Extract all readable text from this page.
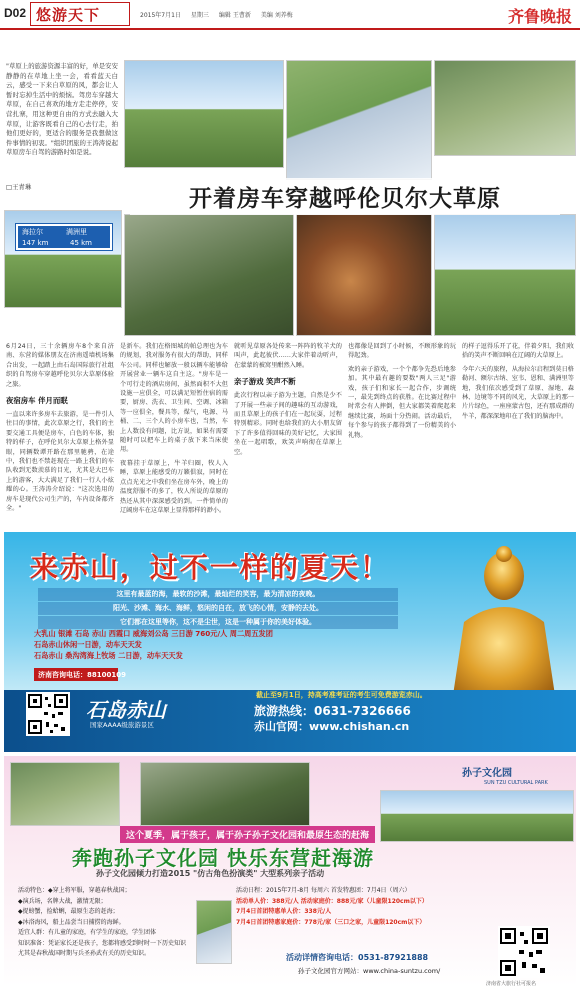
D02 悠游天下	2015年7月1日 星期三 编辑 王曹新 美编 刘养梅	齐鲁晚报
"草原上的旅游资源丰富的好，单是安安静静的在草地上坐一会，看看蓝天白云，感受一下来自草原的风，都会让人暂时忘掉生活中的烦恼。驾房车穿越大草原，在自己喜欢的地方走走停停，安营扎寨，用这种更自由的方式去融入大草原，让游客既看自己的心去行走，拍他们更好的，更适合的服务是我想做这件事情的初衷。"组织团旅的王涛涛说起草原房车自驾的游路时如是说。
□王青琳
海拉尔
147 km
满洲里
45 km
开着房车穿越呼伦贝尔大草原

6月24日，三十余辆房车8个来自济南、东营的媒体朋友在济南遥墙机场集合出发，一起踏上由石岛国际旅行社组织的自驾房车穿越呼伦贝尔大草原体验之旅。

夜宿房车 伴月而眠

一直以来许多房车去旅游，是一件引人往目的事情，此次草原之行，我们的主要交通工具便是房车，白色的车体，独特的样子，在呼伦贝尔大草原上格外显眼，同辆数谭开路在那里驰骋，在途中，我们也不禁赶现在一路上我们的车队收到无数羡慕的目光，尤其是大巴车上的游客，大大满足了我们一行人小炫耀的心。王涛涛介绍说："这次选用的房车是现代公司生产的，车内设备都齐全。"

是新车。我们在格图城的帕总理也为车的规划，我对服务有很大的帮助，同样车公司。同样也解放一般以辆车能够给开展营业一辆车这自主这。"房车是一个可行走的酒店房间，虽然面积不大但设施一应俱全，可以满足短暂住宿的需要，厨房、洗衣、卫生间、空调、冰箱等一应俱全，餐具等，煤气，电源、马桶、二、三个人的小房车也，当然，车上人数没有问题，比方说，如果有需要随时可以把车上的桌子放下来当床使用。

夜幕挂于草原上，牛羊归圈，牧人入睡，草原上能感受的万籁俱寂，同时在点点光光之中我们坐在房车外，晚上的温度舒服不的多了，牧人所说的草原的热还从其中深深感受的到。一件简单的辽阔房车在这草原上显得那样的渺小。

就听见草原各处传来一阵阵的牧羊犬的叫声，此起彼伏……大家伴着动听声，在蒙蒙的被窝里酣然入睡。

亲子游戏 笑声不断

此次行程以亲子游为主题，自然是少不了开展一些亲子间的趣味的互动游戏，而且草原上的孩子们在一起玩耍，过程特别精彩。同时也给我们的大小朋友留下了许多值得回味的美好记忆，大家围坐在一起唱歌，欢笑声响彻在草原上空。

也都像是回到了小时候，不顾形象的玩得起劲。

欢的亲子游戏，一个个都争先恐后地参加。其中最有趣的要数"两人三足"游戏，孩子们和家长一起合作，步调统一，最先到终点的获胜。在比赛过程中时常会有人摔倒，但大家都笑着爬起来继续比赛，场面十分热闹。活动最后，每个参与的孩子都得到了一份精美的小礼物。

的样子逗得乐开了花，伴着夕阳，我们收拾的笑声不断回响在辽阔的大草原上。

今年六天的旅程，从海拉尔启程到莫日格勒河、额尔古纳、室韦、恩和、满洲里等地，我们依次感受到了草原、湿地、森林、边境等不同的风光，大草原上的那一片片绿色，一座座蒙古包，还有那成群的牛羊，都深深地印在了我们的脑海中。

来赤山，过不一样的夏天！
这里有最蓝的海，最软的沙滩，最灿烂的笑容，最为清凉的夜晚。
阳光、沙滩、海水、海鲜，悠闲的自在，放飞的心情，安静的去处。
它们都在这里等你，这不是尘世，这是一种属于你的美好体验。
大乳山 银滩 石岛 赤山 西霞口 威海刘公岛 三日游 760元/人 周二周五发团
石岛赤山休闲一日游，动车天天发
石岛赤山 桑沟湾海上牧场 二日游，动车天天发
济南咨询电话：88100109
石岛赤山
国家AAAA级旅游景区
截止至9月1日，持高考准考证的考生可免费游览赤山。
旅游热线：0631-7326666
赤山官网：www.chishan.cn
孙子文化园
SUN TZU CULTURAL PARK
这个夏季，属于孩子，属于孙子孙子文化园和最原生态的赶海
奔跑孙子文化园 快乐东营赶海游
孙子文化园倾力打造2015 "仿古角色扮演类" 大型系列亲子活动
活动特色：◆穿上将军服，穿越春秋战国；
◆演兵场，名牌大战，激情无限；
◆捉螃蟹，捡蛤蜊，最原生态的赶海；
◆沐浴海风，船上品尝当日捕捞的海鲜。
适宜人群：有儿童的家庭，有学生的家庭，学生团体
知识准备：凭证家长还是孩子，您都将感受到时时一下历史知识
尤其是春秋战国时期与兵圣孙武有关的历史知识。
活动日程：2015年7月-8月 每周六 首发特惠团：7月4日（周六）
活动单人价：388元/人 活动家庭价：888元/家（儿童限120cm以下）
7月4日首团特惠单人价：338元/人
7月4日首团特惠家庭价：778元/家（三口之家，儿童限120cm以下）
活动详情咨询电话：0531-87921888
孙子文化园官方网站：www.china-suntzu.com/
济南省大旅行社可报名
